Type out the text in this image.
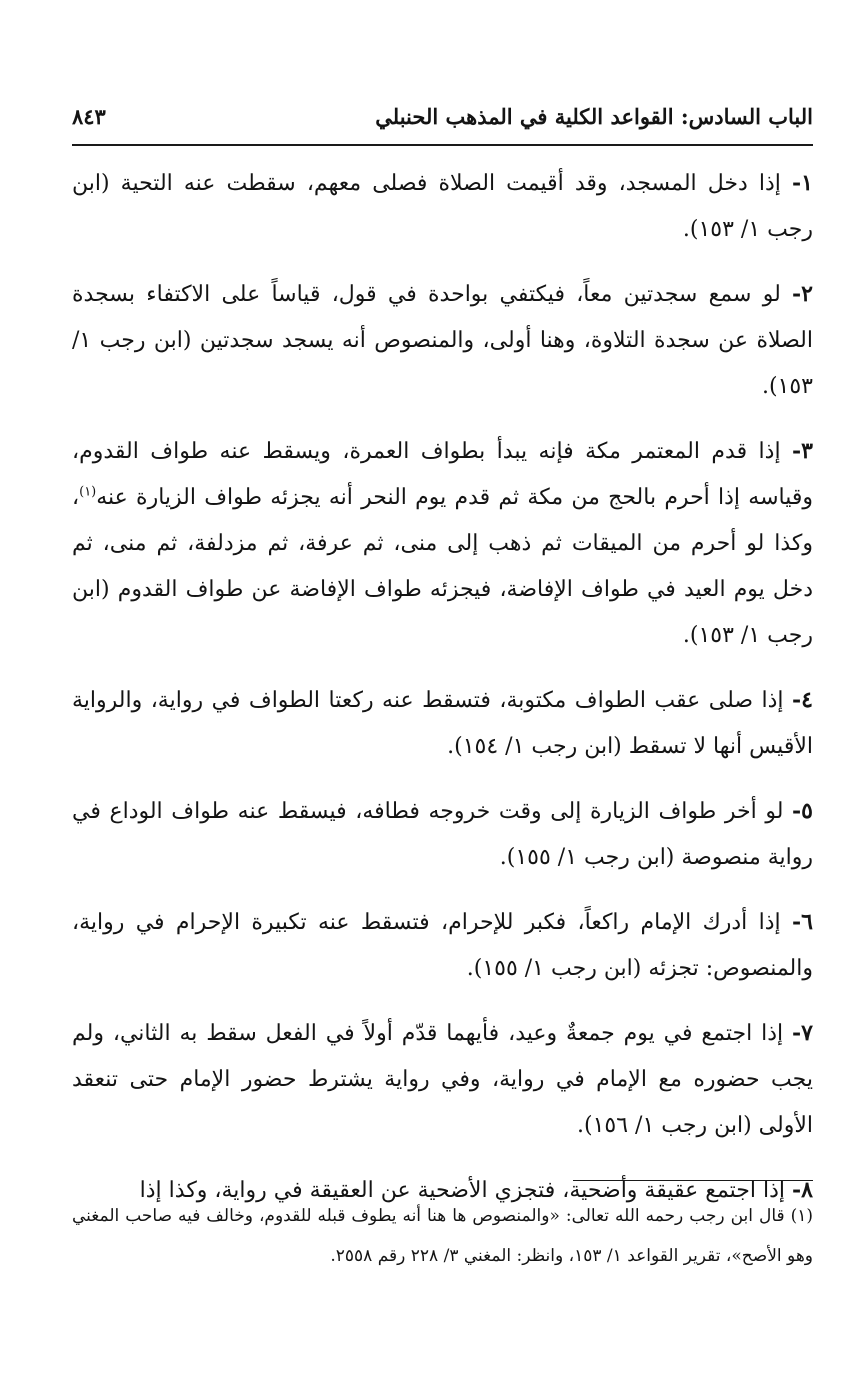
الباب السادس: القواعد الكلية في المذهب الحنبلي
٨٤٣

١- إذا دخل المسجد، وقد أقيمت الصلاة فصلى معهم، سقطت عنه التحية (ابن رجب ١/ ١٥٣).

٢- لو سمع سجدتين معاً، فيكتفي بواحدة في قول، قياساً على الاكتفاء بسجدة الصلاة عن سجدة التلاوة، وهنا أولى، والمنصوص أنه يسجد سجدتين (ابن رجب ١/ ١٥٣).

٣- إذا قدم المعتمر مكة فإنه يبدأ بطواف العمرة، ويسقط عنه طواف القدوم، وقياسه إذا أحرم بالحج من مكة ثم قدم يوم النحر أنه يجزئه طواف الزيارة عنه$^{(١)}$، وكذا لو أحرم من الميقات ثم ذهب إلى منى، ثم عرفة، ثم مزدلفة، ثم منى، ثم دخل يوم العيد في طواف الإفاضة، فيجزئه طواف الإفاضة عن طواف القدوم (ابن رجب ١/ ١٥٣).

٤- إذا صلى عقب الطواف مكتوبة، فتسقط عنه ركعتا الطواف في رواية، والرواية الأقيس أنها لا تسقط (ابن رجب ١/ ١٥٤).

٥- لو أخر طواف الزيارة إلى وقت خروجه فطافه، فيسقط عنه طواف الوداع في رواية منصوصة (ابن رجب ١/ ١٥٥).

٦- إذا أدرك الإمام راكعاً، فكبر للإحرام، فتسقط عنه تكبيرة الإحرام في رواية، والمنصوص: تجزئه (ابن رجب ١/ ١٥٥).

٧- إذا اجتمع في يوم جمعةٌ وعيد، فأيهما قدّم أولاً في الفعل سقط به الثاني، ولم يجب حضوره مع الإمام في رواية، وفي رواية يشترط حضور الإمام حتى تنعقد الأولى (ابن رجب ١/ ١٥٦).

٨- إذا اجتمع عقيقة وأضحية، فتجزي الأضحية عن العقيقة في رواية، وكذا إذا

(١) قال ابن رجب رحمه الله تعالى: «والمنصوص ها هنا أنه يطوف قبله للقدوم، وخالف فيه صاحب المغني وهو الأصح»، تقرير القواعد ١/ ١٥٣، وانظر: المغني ٣/ ٢٢٨ رقم ٢٥٥٨.
